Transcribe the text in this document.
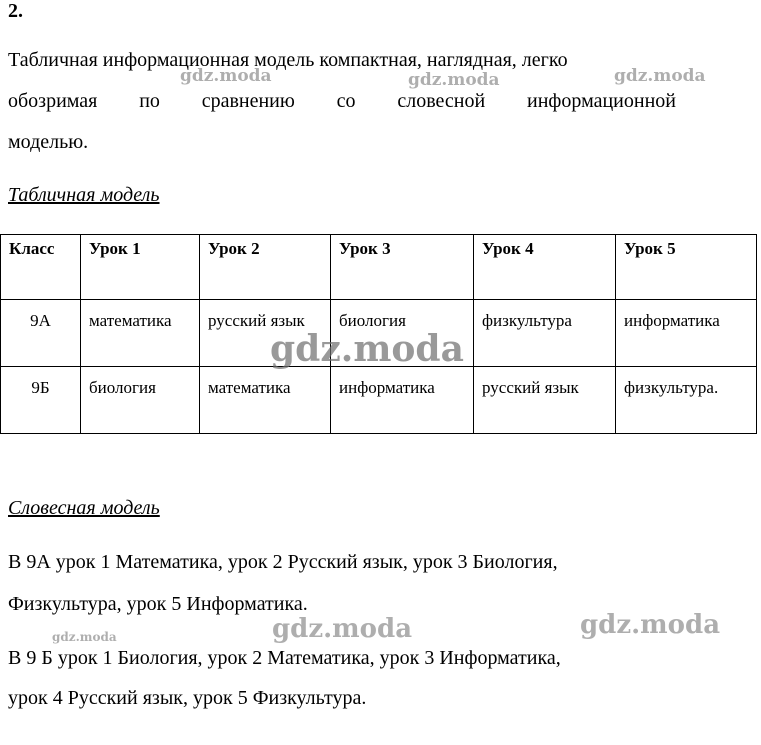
2.
Табличная информационная модель компактная, наглядная, легко
обозримая по сравнению со словесной информационной
моделью.
Табличная модель
Класс	Урок 1	Урок 2	Урок 3	Урок 4	Урок 5
9А	математика	русский язык	биология	физкультура	информатика
9Б	биология	математика	информатика	русский язык	физкультура.
Словесная модель
В 9А урок 1 Математика, урок 2 Русский язык, урок 3 Биология,
Физкультура, урок 5 Информатика.
В 9 Б урок 1 Биология, урок 2 Математика, урок 3 Информатика,
урок 4 Русский язык, урок 5 Физкультура.
gdz.moda	gdz.moda	gdz.moda
gdz.moda
gdz.moda	gdz.moda
gdz.moda
